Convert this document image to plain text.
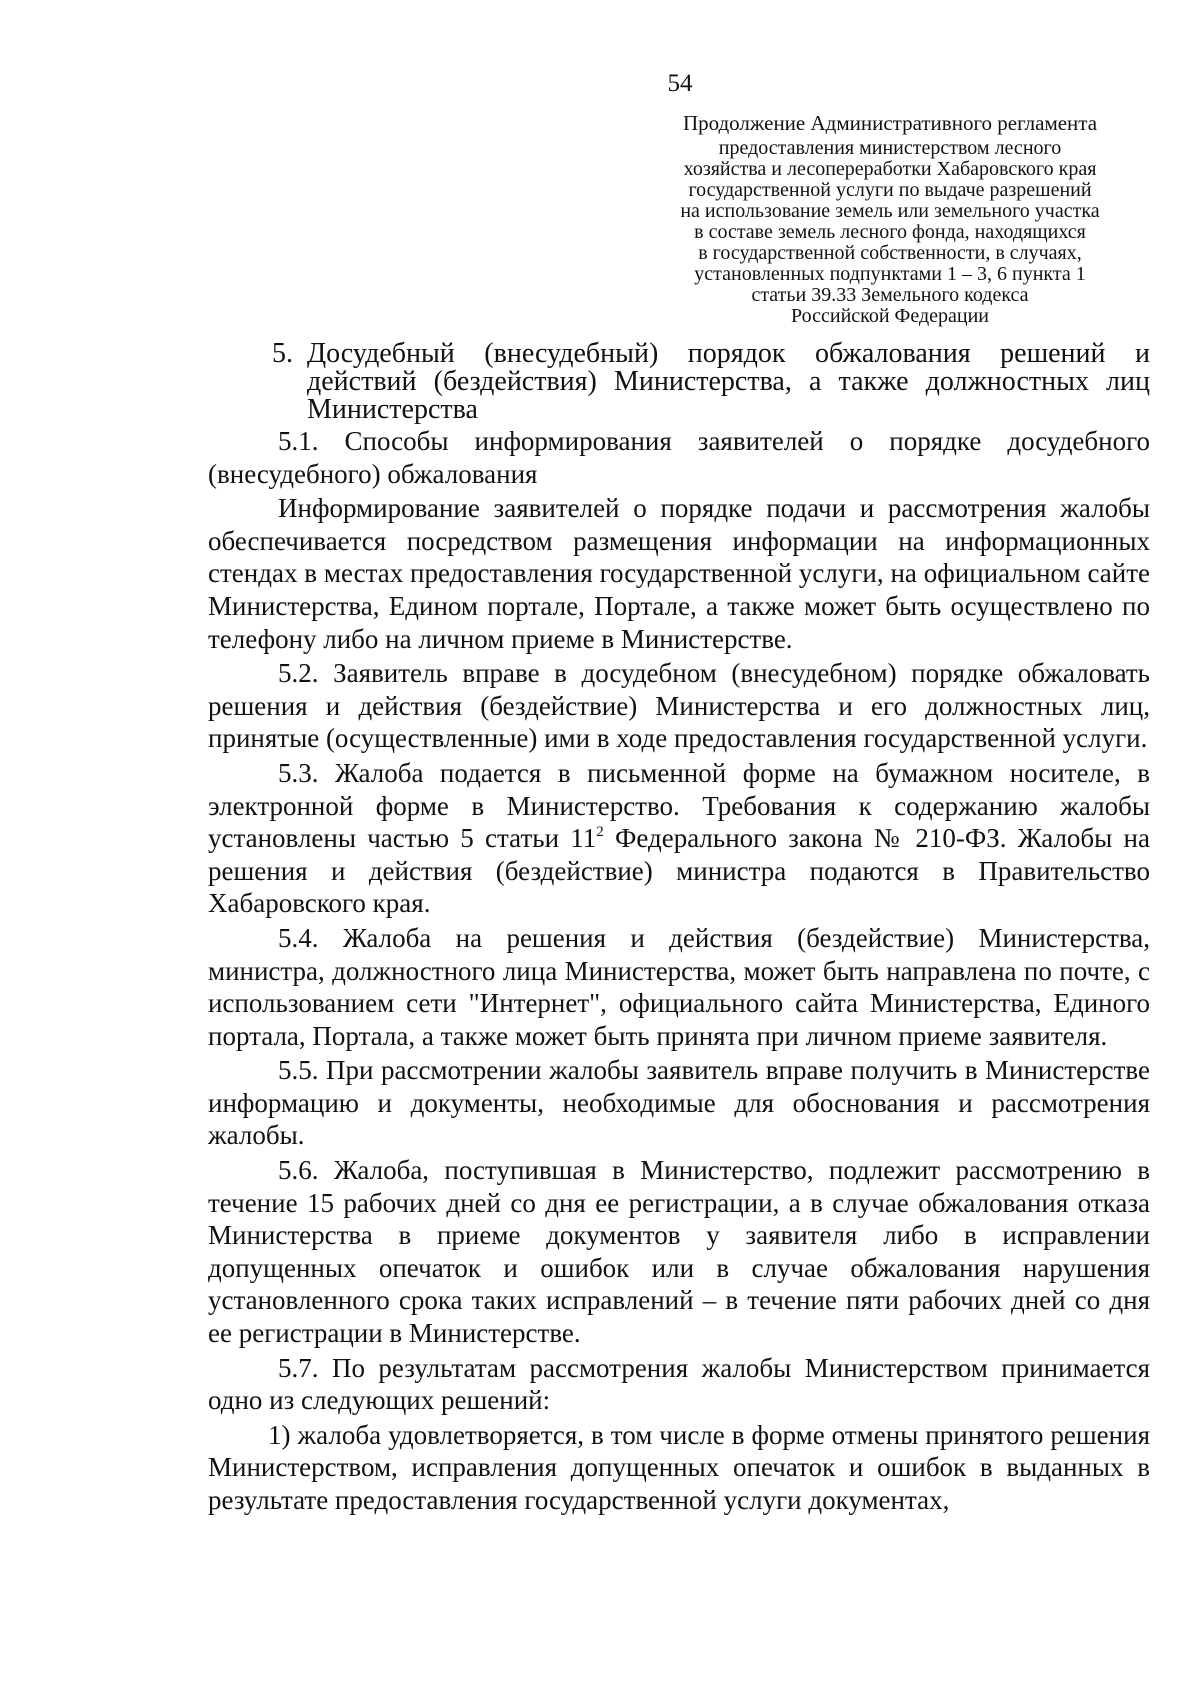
54
Продолжение Административного регламента
предоставления министерством лесного
хозяйства и лесопереработки Хабаровского края
государственной услуги по выдаче разрешений
на использование земель или земельного участка
в составе земель лесного фонда, находящихся
в государственной собственности, в случаях,
установленных подпунктами 1 – 3, 6 пункта 1
статьи 39.33 Земельного кодекса
Российской Федерации
5. Досудебный (внесудебный) порядок обжалования решений и
действий (бездействия) Министерства, а также должностных лиц
Министерства

5.1. Способы информирования заявителей о порядке досудебного (внесудебного) обжалования

Информирование заявителей о порядке подачи и рассмотрения жалобы обеспечивается посредством размещения информации на информационных стендах в местах предоставления государственной услуги, на официальном сайте Министерства, Едином портале, Портале, а также может быть осуществлено по телефону либо на личном приеме в Министерстве.

5.2. Заявитель вправе в досудебном (внесудебном) порядке обжаловать решения и действия (бездействие) Министерства и его должностных лиц, принятые (осуществленные) ими в ходе предоставления государственной услуги.

5.3. Жалоба подается в письменной форме на бумажном носителе, в электронной форме в Министерство. Требования к содержанию жалобы установлены частью 5 статьи $11^2$ Федерального закона № 210-ФЗ. Жалобы на решения и действия (бездействие) министра подаются в Правительство Хабаровского края.

5.4. Жалоба на решения и действия (бездействие) Министерства, министра, должностного лица Министерства, может быть направлена по почте, с использованием сети "Интернет", официального сайта Министерства, Единого портала, Портала, а также может быть принята при личном приеме заявителя.

5.5. При рассмотрении жалобы заявитель вправе получить в Министерстве информацию и документы, необходимые для обоснования и рассмотрения жалобы.

5.6. Жалоба, поступившая в Министерство, подлежит рассмотрению в течение 15 рабочих дней со дня ее регистрации, а в случае обжалования отказа Министерства в приеме документов у заявителя либо в исправлении допущенных опечаток и ошибок или в случае обжалования нарушения установленного срока таких исправлений – в течение пяти рабочих дней со дня ее регистрации в Министерстве.

5.7. По результатам рассмотрения жалобы Министерством принимается одно из следующих решений:

1) жалоба удовлетворяется, в том числе в форме отмены принятого решения Министерством, исправления допущенных опечаток и ошибок в выданных в результате предоставления государственной услуги документах,
